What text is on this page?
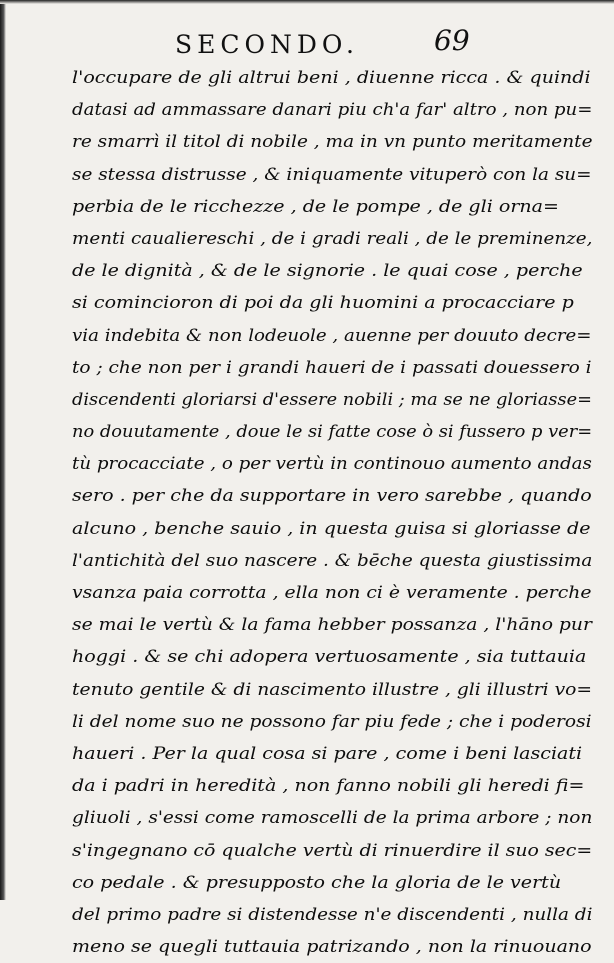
SECONDO.	69
l'occupare de gli altrui beni , diuenne ricca . & quindi
datasi ad ammassare danari piu ch'a far' altro , non pu=
re smarrì il titol di nobile , ma in vn punto meritamente
se stessa distrusse , & iniquamente vituperò con la su=
perbia de le ricchezze , de le pompe , de gli orna=
menti caualiereschi , de i gradi reali , de le preminenze,
de le dignità , & de le signorie . le quai cose , perche
si comincioron di poi da gli huomini a procacciare p
via indebita & non lodeuole , auenne per douuto decre=
to ; che non per i grandi haueri de i passati douessero i
discendenti gloriarsi d'essere nobili ; ma se ne gloriasse=
no douutamente , doue le si fatte cose ò si fussero p ver=
tù procacciate , o per vertù in continouo aumento andas
sero . per che da supportare in vero sarebbe , quando
alcuno , benche sauio , in questa guisa si gloriasse de
l'antichità del suo nascere . & bēche questa giustissima
vsanza paia corrotta , ella non ci è veramente . perche
se mai le vertù & la fama hebber possanza , l'hāno pur
hoggi . & se chi adopera vertuosamente , sia tuttauia
tenuto gentile & di nascimento illustre , gli illustri vo=
li del nome suo ne possono far piu fede ; che i poderosi
haueri . Per la qual cosa si pare , come i beni lasciati
da i padri in heredità , non fanno nobili gli heredi fi=
gliuoli , s'essi come ramoscelli de la prima arbore ; non
s'ingegnano cō qualche vertù di rinuerdire il suo sec=
co pedale . & presupposto che la gloria de le vertù
del primo padre si distendesse n'e discendenti , nulla di
meno se quegli tuttauia patrizando , non la rinuouano
